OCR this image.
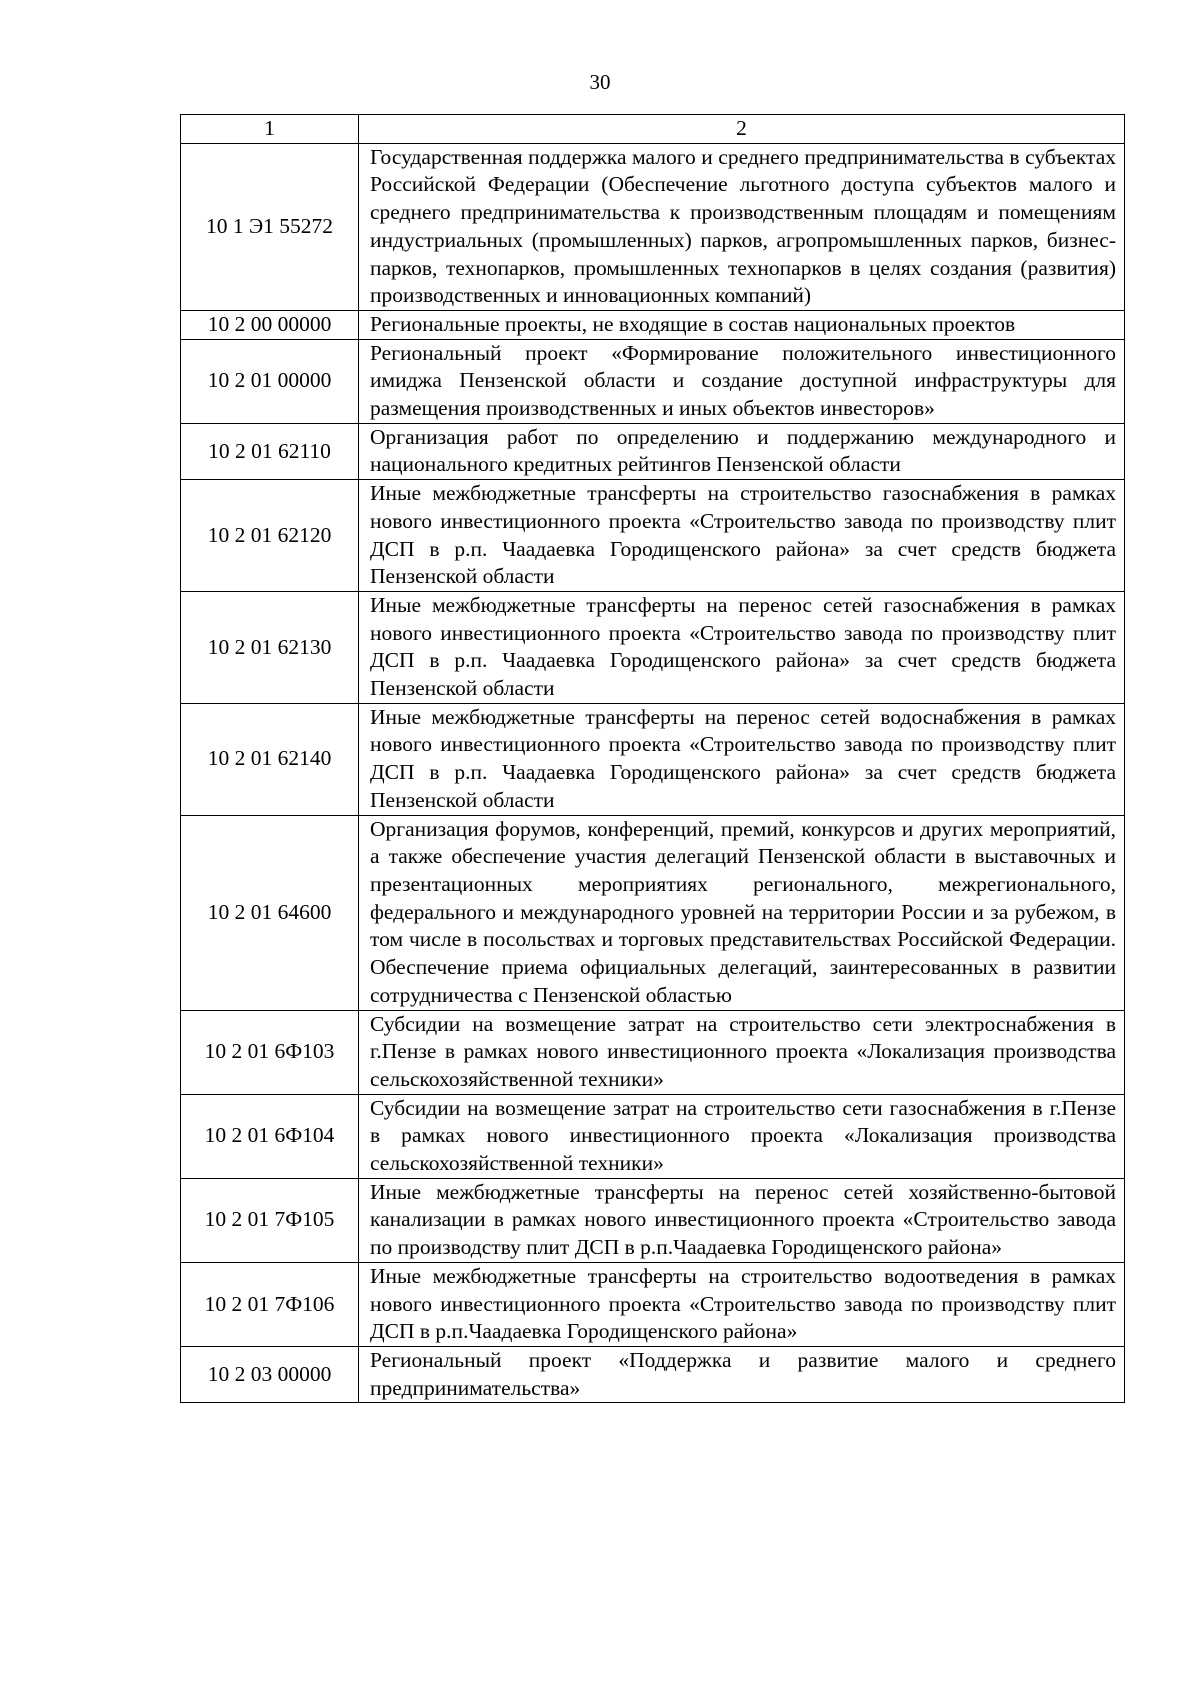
30
1	2
10 1 Э1 55272	Государственная поддержка малого и среднего предпринимательства в субъектах Российской Федерации (Обеспечение льготного доступа субъектов малого и среднего предпринимательства к производственным площадям и помещениям индустриальных (промышленных) парков, агропромышленных парков, бизнес-парков, технопарков, промышленных технопарков в целях создания (развития) производственных и инновационных компаний)
10 2 00 00000	Региональные проекты, не входящие в состав национальных проектов
10 2 01 00000	Региональный проект «Формирование положительного инвестиционного имиджа Пензенской области и создание доступной инфраструктуры для размещения производственных и иных объектов инвесторов»
10 2 01 62110	Организация работ по определению и поддержанию международного и национального кредитных рейтингов Пензенской области
10 2 01 62120	Иные межбюджетные трансферты на строительство газоснабжения в рамках нового инвестиционного проекта «Строительство завода по производству плит ДСП в р.п. Чаадаевка Городищенского района» за счет средств бюджета Пензенской области
10 2 01 62130	Иные межбюджетные трансферты на перенос сетей газоснабжения в рамках нового инвестиционного проекта «Строительство завода по производству плит ДСП в р.п. Чаадаевка Городищенского района» за счет средств бюджета Пензенской области
10 2 01 62140	Иные межбюджетные трансферты на перенос сетей водоснабжения в рамках нового инвестиционного проекта «Строительство завода по производству плит ДСП в р.п. Чаадаевка Городищенского района» за счет средств бюджета Пензенской области
10 2 01 64600	Организация форумов, конференций, премий, конкурсов и других мероприятий, а также обеспечение участия делегаций Пензенской области в выставочных и презентационных мероприятиях регионального, межрегионального, федерального и международного уровней на территории России и за рубежом, в том числе в посольствах и торговых представительствах Российской Федерации. Обеспечение приема официальных делегаций, заинтересованных в развитии сотрудничества с Пензенской областью
10 2 01 6Ф103	Субсидии на возмещение затрат на строительство сети электроснабжения в г.Пензе в рамках нового инвестиционного проекта «Локализация производства сельскохозяйственной техники»
10 2 01 6Ф104	Субсидии на возмещение затрат на строительство сети газоснабжения в г.Пензе в рамках нового инвестиционного проекта «Локализация производства сельскохозяйственной техники»
10 2 01 7Ф105	Иные межбюджетные трансферты на перенос сетей хозяйственно-бытовой канализации в рамках нового инвестиционного проекта «Строительство завода по производству плит ДСП в р.п.Чаадаевка Городищенского района»
10 2 01 7Ф106	Иные межбюджетные трансферты на строительство водоотведения в рамках нового инвестиционного проекта «Строительство завода по производству плит ДСП в р.п.Чаадаевка Городищенского района»
10 2 03 00000	Региональный проект «Поддержка и развитие малого и среднего предпринимательства»
